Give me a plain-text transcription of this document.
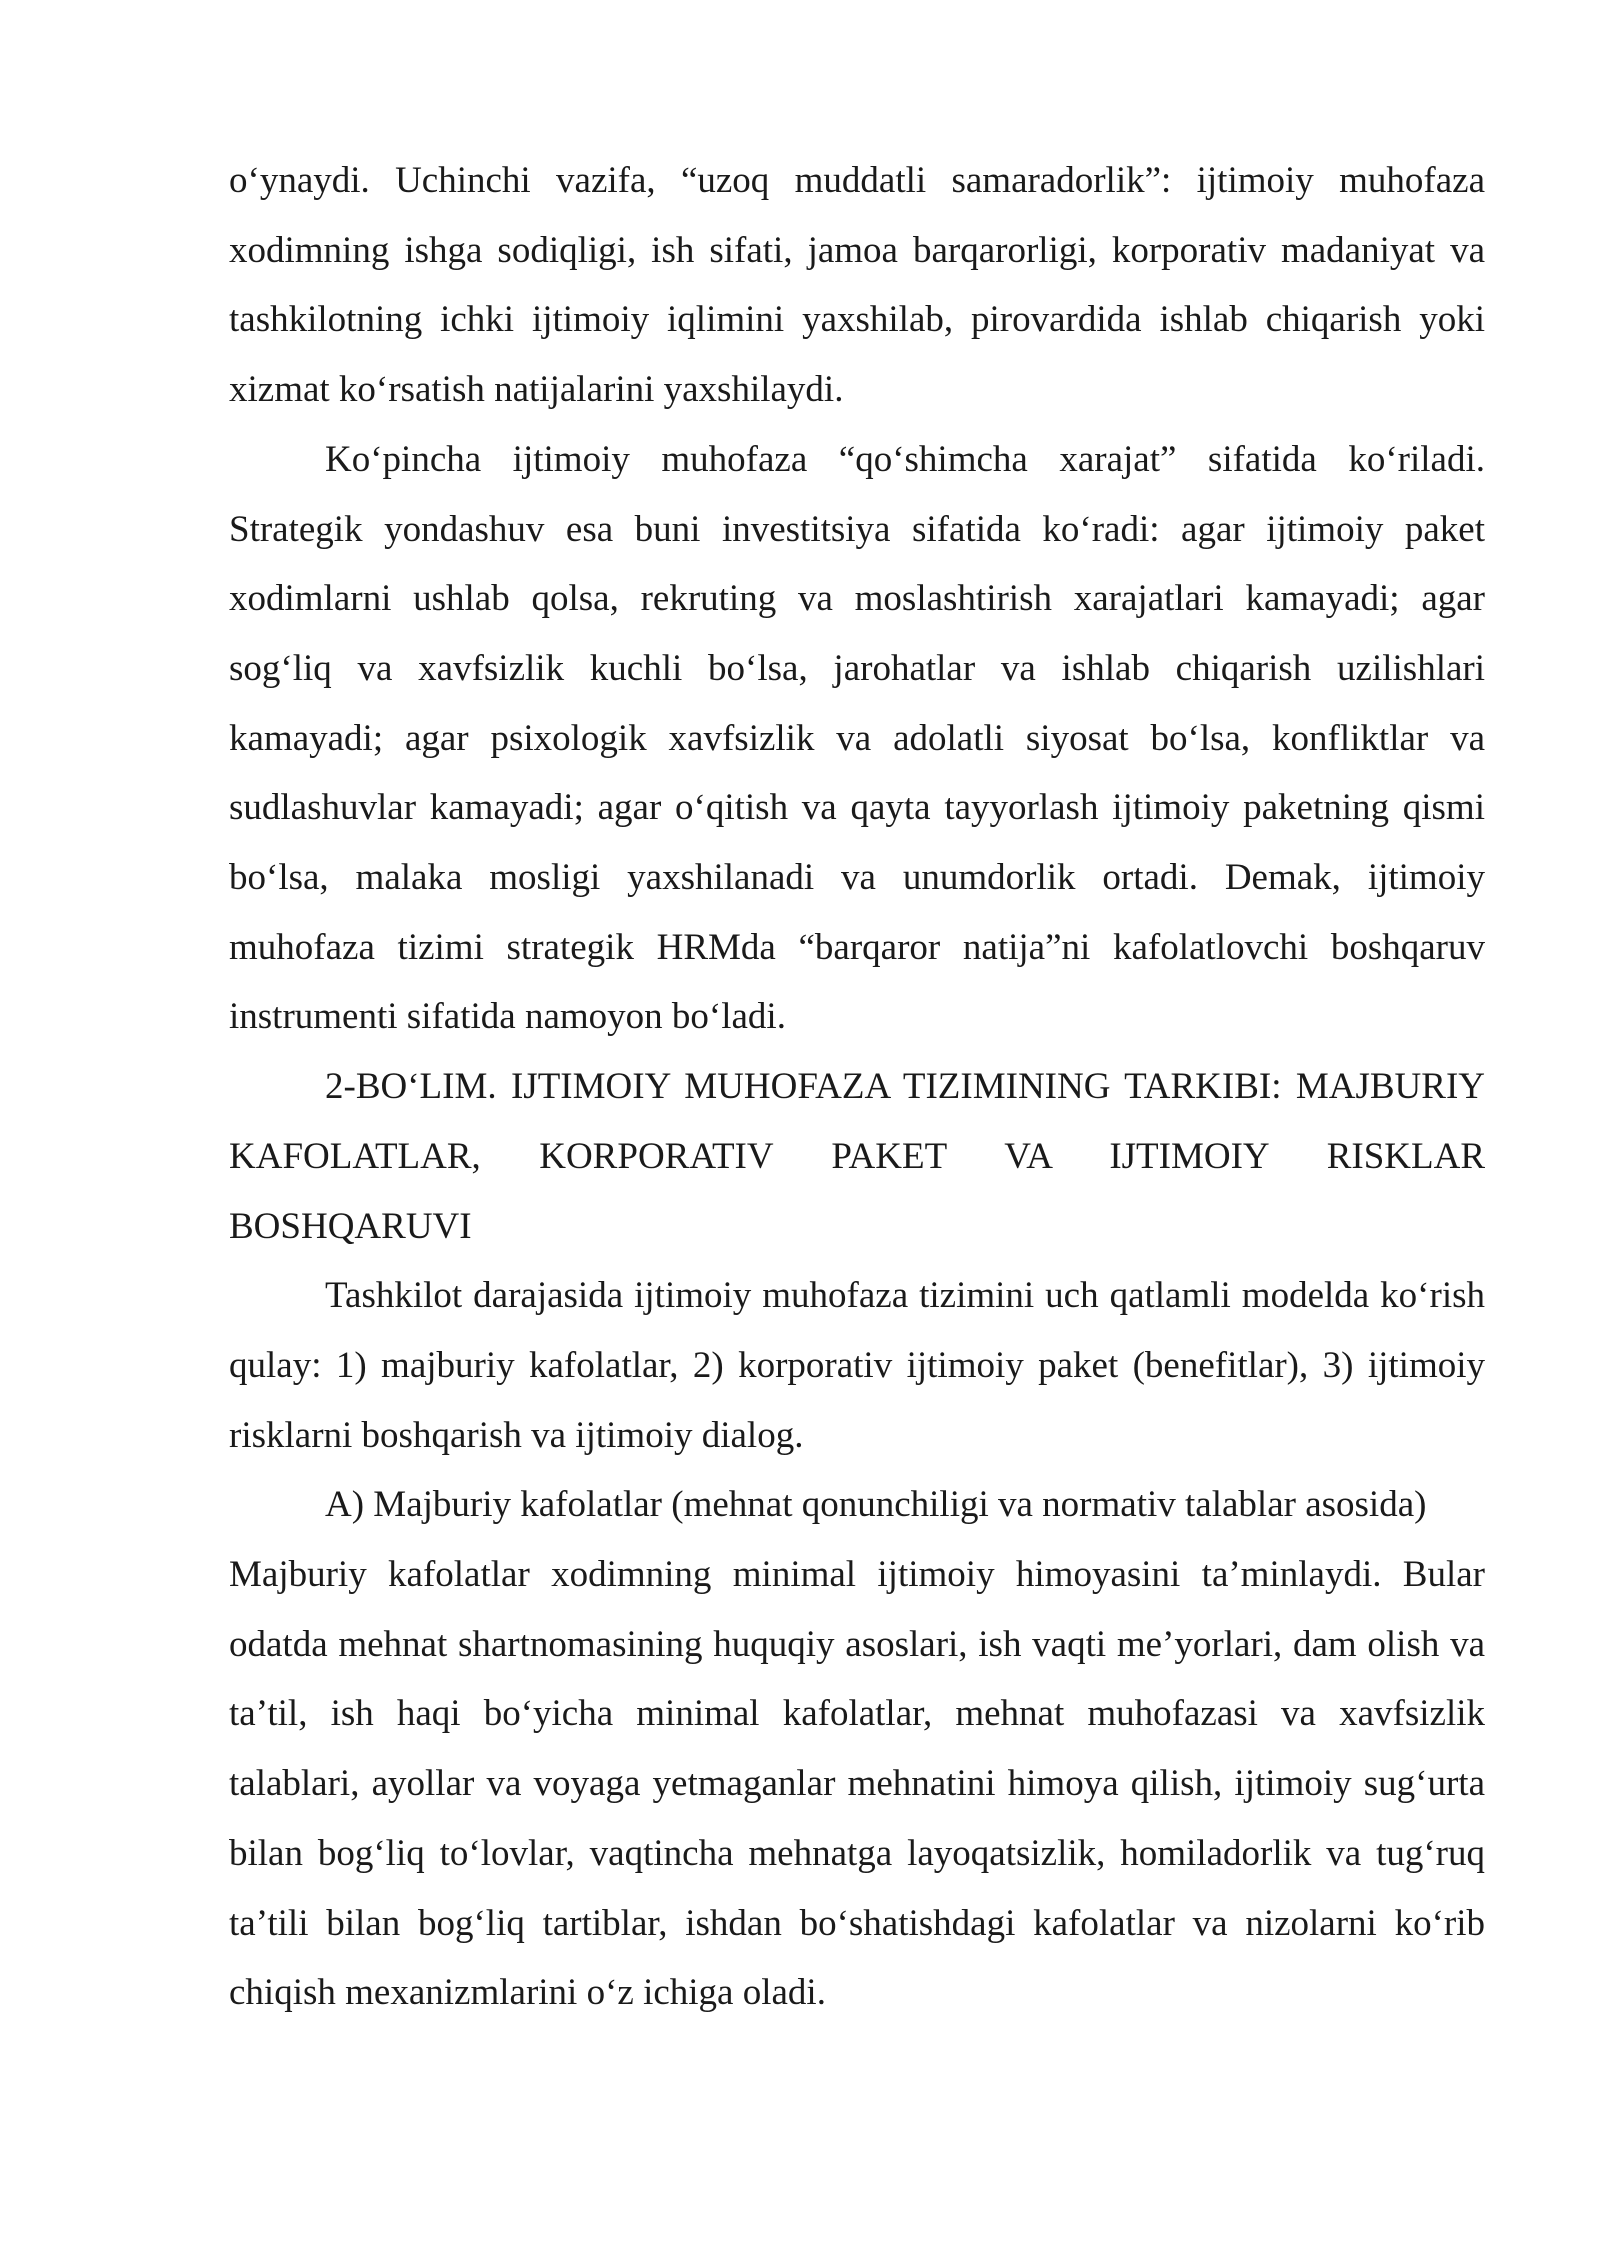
o‘ynaydi. Uchinchi vazifa, “uzoq muddatli samaradorlik”: ijtimoiy muhofaza xodimning ishga sodiqligi, ish sifati, jamoa barqarorligi, korporativ madaniyat va tashkilotning ichki ijtimoiy iqlimini yaxshilab, pirovardida ishlab chiqarish yoki xizmat ko‘rsatish natijalarini yaxshilaydi.

Ko‘pincha ijtimoiy muhofaza “qo‘shimcha xarajat” sifatida ko‘riladi. Strategik yondashuv esa buni investitsiya sifatida ko‘radi: agar ijtimoiy paket xodimlarni ushlab qolsa, rekruting va moslashtirish xarajatlari kamayadi; agar sog‘liq va xavfsizlik kuchli bo‘lsa, jarohatlar va ishlab chiqarish uzilishlari kamayadi; agar psixologik xavfsizlik va adolatli siyosat bo‘lsa, konfliktlar va sudlashuvlar kamayadi; agar o‘qitish va qayta tayyorlash ijtimoiy paketning qismi bo‘lsa, malaka mosligi yaxshilanadi va unumdorlik ortadi. Demak, ijtimoiy muhofaza tizimi strategik HRMda “barqaror natija”ni kafolatlovchi boshqaruv instrumenti sifatida namoyon bo‘ladi.

2-BO‘LIM. IJTIMOIY MUHOFAZA TIZIMINING TARKIBI: MAJBURIY KAFOLATLAR, KORPORATIV PAKET VA IJTIMOIY RISKLAR BOSHQARUVI

Tashkilot darajasida ijtimoiy muhofaza tizimini uch qatlamli modelda ko‘rish qulay: 1) majburiy kafolatlar, 2) korporativ ijtimoiy paket (benefitlar), 3) ijtimoiy risklarni boshqarish va ijtimoiy dialog.

A) Majburiy kafolatlar (mehnat qonunchiligi va normativ talablar asosida)

Majburiy kafolatlar xodimning minimal ijtimoiy himoyasini ta’minlaydi. Bular odatda mehnat shartnomasining huquqiy asoslari, ish vaqti me’yorlari, dam olish va ta’til, ish haqi bo‘yicha minimal kafolatlar, mehnat muhofazasi va xavfsizlik talablari, ayollar va voyaga yetmaganlar mehnatini himoya qilish, ijtimoiy sug‘urta bilan bog‘liq to‘lovlar, vaqtincha mehnatga layoqatsizlik, homiladorlik va tug‘ruq ta’tili bilan bog‘liq tartiblar, ishdan bo‘shatishdagi kafolatlar va nizolarni ko‘rib chiqish mexanizmlarini o‘z ichiga oladi.
